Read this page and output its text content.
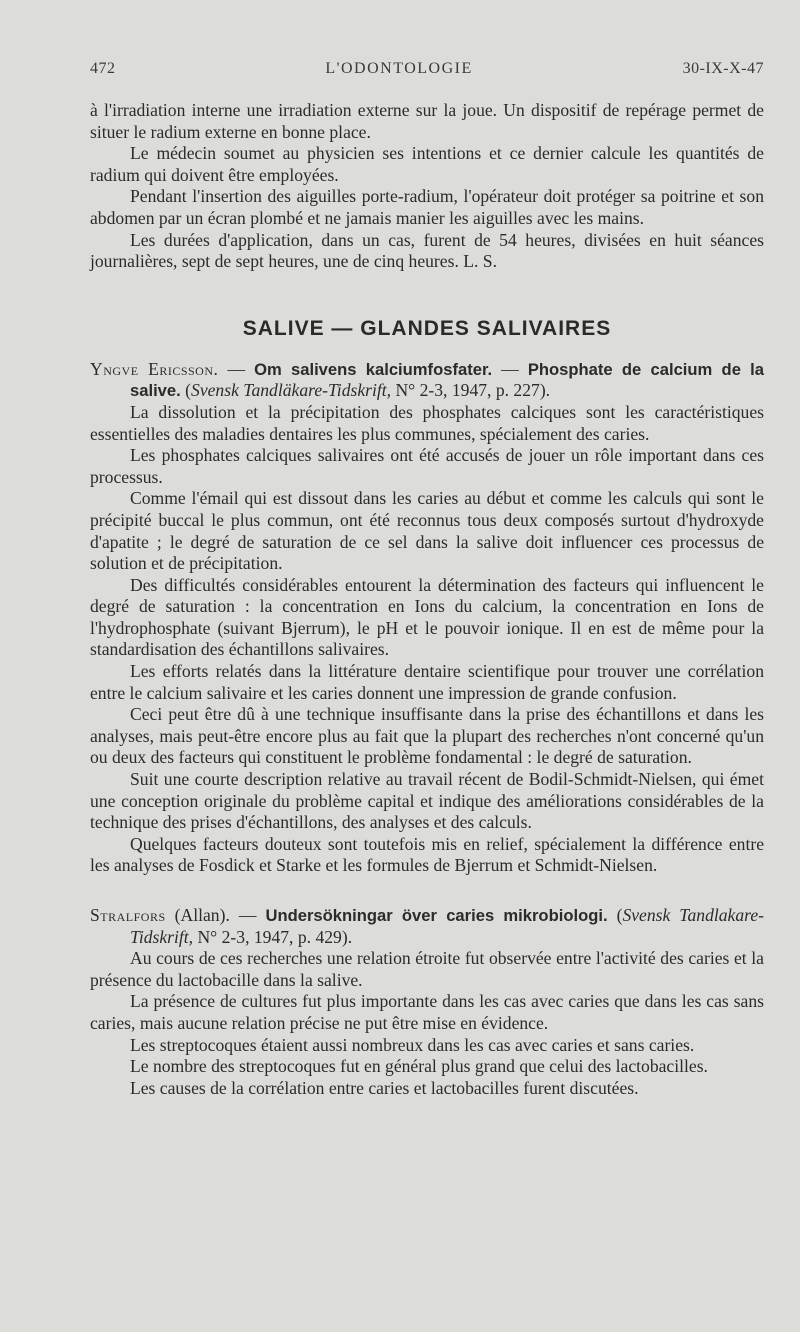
472	L'ODONTOLOGIE	30-IX-X-47

à l'irradiation interne une irradiation externe sur la joue. Un dispositif de repérage permet de situer le radium externe en bonne place.

Le médecin soumet au physicien ses intentions et ce dernier calcule les quantités de radium qui doivent être employées.

Pendant l'insertion des aiguilles porte-radium, l'opérateur doit protéger sa poitrine et son abdomen par un écran plombé et ne jamais manier les aiguilles avec les mains.

Les durées d'application, dans un cas, furent de 54 heures, divisées en huit séances journalières, sept de sept heures, une de cinq heures. L. S.

SALIVE — GLANDES SALIVAIRES

Yngve Ericsson. — Om salivens kalciumfosfater. — Phosphate de calcium de la salive. (Svensk Tandläkare-Tidskrift, N° 2-3, 1947, p. 227).

La dissolution et la précipitation des phosphates calciques sont les caractéristiques essentielles des maladies dentaires les plus communes, spécialement des caries.

Les phosphates calciques salivaires ont été accusés de jouer un rôle important dans ces processus.

Comme l'émail qui est dissout dans les caries au début et comme les calculs qui sont le précipité buccal le plus commun, ont été reconnus tous deux composés surtout d'hydroxyde d'apatite ; le degré de saturation de ce sel dans la salive doit influencer ces processus de solution et de précipitation.

Des difficultés considérables entourent la détermination des facteurs qui influencent le degré de saturation : la concentration en Ions du calcium, la concentration en Ions de l'hydrophosphate (suivant Bjerrum), le pH et le pouvoir ionique. Il en est de même pour la standardisation des échantillons salivaires.

Les efforts relatés dans la littérature dentaire scientifique pour trouver une corrélation entre le calcium salivaire et les caries donnent une impression de grande confusion.

Ceci peut être dû à une technique insuffisante dans la prise des échantillons et dans les analyses, mais peut-être encore plus au fait que la plupart des recherches n'ont concerné qu'un ou deux des facteurs qui constituent le problème fondamental : le degré de saturation.

Suit une courte description relative au travail récent de Bodil-Schmidt-Nielsen, qui émet une conception originale du problème capital et indique des améliorations considérables de la technique des prises d'échantillons, des analyses et des calculs.

Quelques facteurs douteux sont toutefois mis en relief, spécialement la différence entre les analyses de Fosdick et Starke et les formules de Bjerrum et Schmidt-Nielsen.

Stralfors (Allan). — Undersökningar över caries mikrobiologi. (Svensk Tandlakare-Tidskrift, N° 2-3, 1947, p. 429).

Au cours de ces recherches une relation étroite fut observée entre l'activité des caries et la présence du lactobacille dans la salive.

La présence de cultures fut plus importante dans les cas avec caries que dans les cas sans caries, mais aucune relation précise ne put être mise en évidence.

Les streptocoques étaient aussi nombreux dans les cas avec caries et sans caries.

Le nombre des streptocoques fut en général plus grand que celui des lactobacilles.

Les causes de la corrélation entre caries et lactobacilles furent discutées.
